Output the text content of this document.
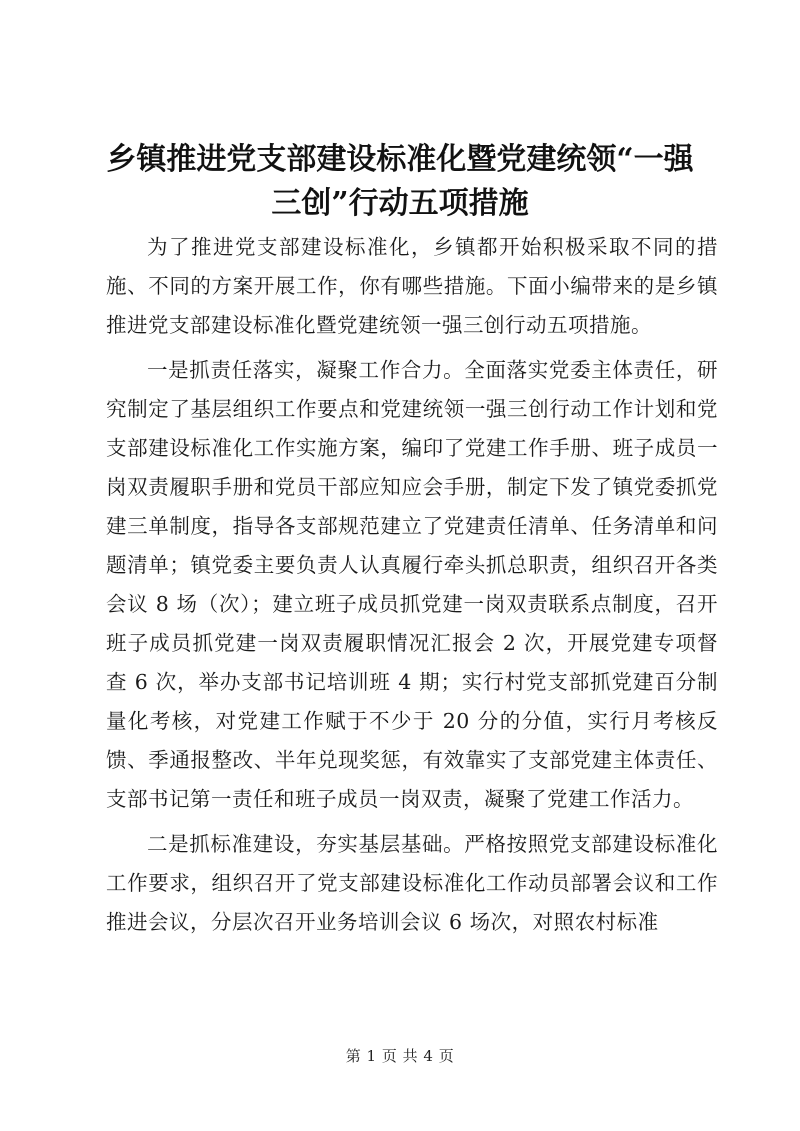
乡镇推进党支部建设标准化暨党建统领“一强三创”行动五项措施

为了推进党支部建设标准化，乡镇都开始积极采取不同的措施、不同的方案开展工作，你有哪些措施。下面小编带来的是乡镇推进党支部建设标准化暨党建统领一强三创行动五项措施。

一是抓责任落实，凝聚工作合力。全面落实党委主体责任，研究制定了基层组织工作要点和党建统领一强三创行动工作计划和党支部建设标准化工作实施方案，编印了党建工作手册、班子成员一岗双责履职手册和党员干部应知应会手册，制定下发了镇党委抓党建三单制度，指导各支部规范建立了党建责任清单、任务清单和问题清单；镇党委主要负责人认真履行牵头抓总职责，组织召开各类会议 8 场（次）；建立班子成员抓党建一岗双责联系点制度，召开班子成员抓党建一岗双责履职情况汇报会 2 次，开展党建专项督查 6 次，举办支部书记培训班 4 期；实行村党支部抓党建百分制量化考核，对党建工作赋于不少于 20 分的分值，实行月考核反馈、季通报整改、半年兑现奖惩，有效靠实了支部党建主体责任、支部书记第一责任和班子成员一岗双责，凝聚了党建工作活力。

二是抓标准建设，夯实基层基础。严格按照党支部建设标准化工作要求，组织召开了党支部建设标准化工作动员部署会议和工作推进会议，分层次召开业务培训会议 6 场次，对照农村标准

第 1 页 共 4 页
